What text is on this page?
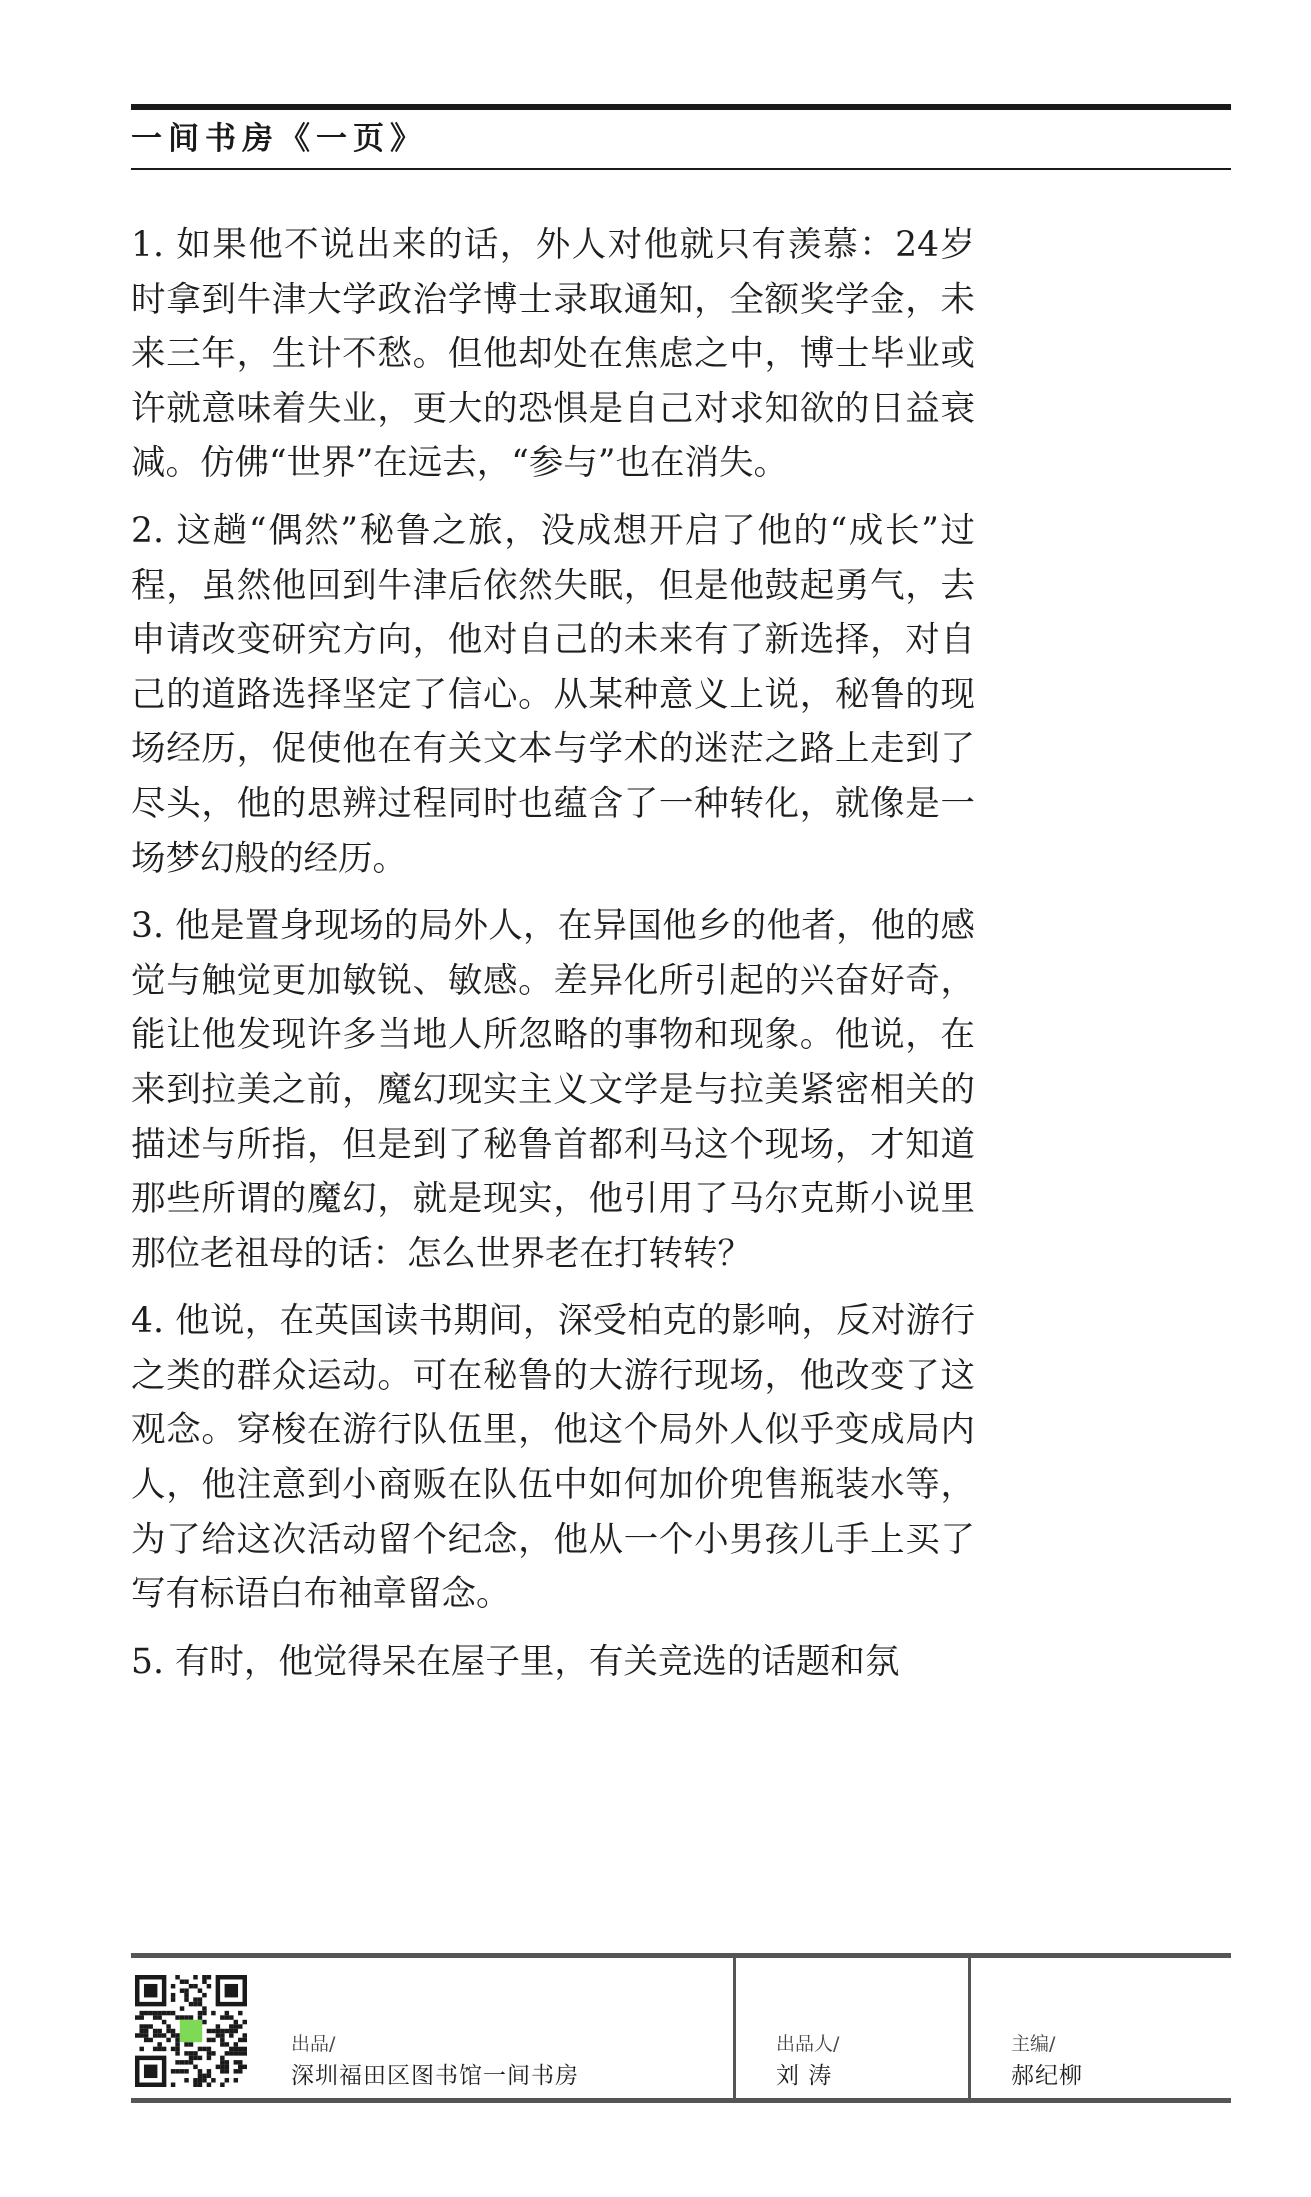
一间书房《一页》

1. 如果他不说出来的话，外人对他就只有羡慕：24岁时拿到牛津大学政治学博士录取通知，全额奖学金，未来三年，生计不愁。但他却处在焦虑之中，博士毕业或许就意味着失业，更大的恐惧是自己对求知欲的日益衰减。仿佛“世界”在远去，“参与”也在消失。

2. 这趟“偶然”秘鲁之旅，没成想开启了他的“成长”过程，虽然他回到牛津后依然失眠，但是他鼓起勇气，去申请改变研究方向，他对自己的未来有了新选择，对自己的道路选择坚定了信心。从某种意义上说，秘鲁的现场经历，促使他在有关文本与学术的迷茫之路上走到了尽头，他的思辨过程同时也蕴含了一种转化，就像是一场梦幻般的经历。

3. 他是置身现场的局外人，在异国他乡的他者，他的感觉与触觉更加敏锐、敏感。差异化所引起的兴奋好奇，能让他发现许多当地人所忽略的事物和现象。他说，在来到拉美之前，魔幻现实主义文学是与拉美紧密相关的描述与所指，但是到了秘鲁首都利马这个现场，才知道那些所谓的魔幻，就是现实，他引用了马尔克斯小说里那位老祖母的话：怎么世界老在打转转？

4. 他说，在英国读书期间，深受柏克的影响，反对游行之类的群众运动。可在秘鲁的大游行现场，他改变了这观念。穿梭在游行队伍里，他这个局外人似乎变成局内人，他注意到小商贩在队伍中如何加价兜售瓶装水等，为了给这次活动留个纪念，他从一个小男孩儿手上买了写有标语白布袖章留念。

5. 有时，他觉得呆在屋子里，有关竞选的话题和氛

出品/
深圳福田区图书馆一间书房
出品人/
刘 涛
主编/
郝纪柳
